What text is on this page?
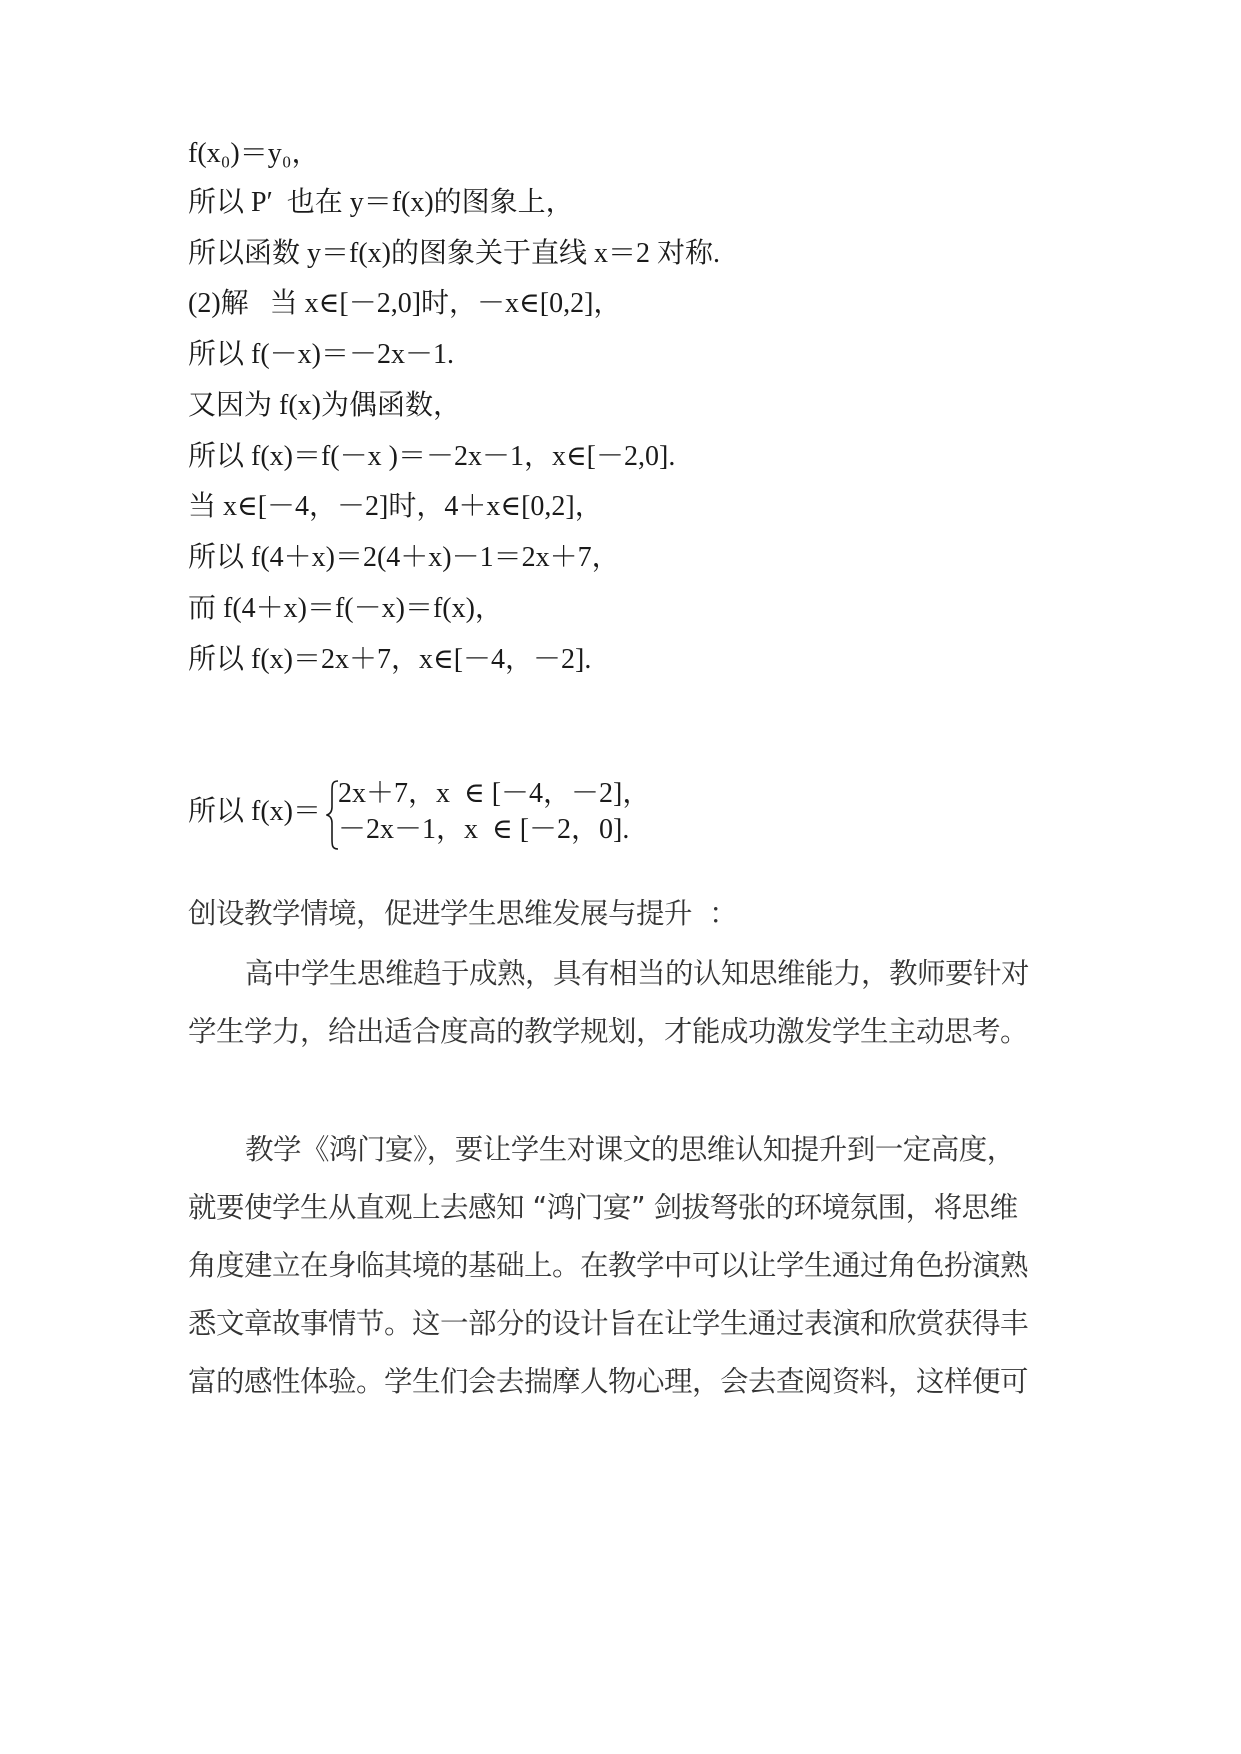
f(x₀)＝y₀，
所以 P′  也在 y＝f(x)的图象上，
所以函数 y＝f(x)的图象关于直线 x＝2 对称.
(2)解   当 x∈[－2,0]时，－x∈[0,2]，
所以 f(－x)＝－2x－1.
又因为 f(x)为偶函数，
所以 f(x)＝f(－x )＝－2x－1，x∈[－2,0].
当 x∈[－4，－2]时，4＋x∈[0,2]，
所以 f(4＋x)＝2(4＋x)－1＝2x＋7，
而 f(4＋x)＝f(－x)＝f(x)，
所以 f(x)＝2x＋7，x∈[－4，－2].
所以 f(x)＝
2x＋7，x  ∈ [－4，－2]，
－2x－1，x  ∈ [－2，0].
创设教学情境，促进学生思维发展与提升  ：
高中学生思维趋于成熟，具有相当的认知思维能力，教师要针对
学生学力，给出适合度高的教学规划，才能成功激发学生主动思考。
教学《鸿门宴》，要让学生对课文的思维认知提升到一定高度，
就要使学生从直观上去感知 “鸿门宴” 剑拔弩张的环境氛围，将思维
角度建立在身临其境的基础上。在教学中可以让学生通过角色扮演熟
悉文章故事情节。这一部分的设计旨在让学生通过表演和欣赏获得丰
富的感性体验。学生们会去揣摩人物心理，会去查阅资料，这样便可
